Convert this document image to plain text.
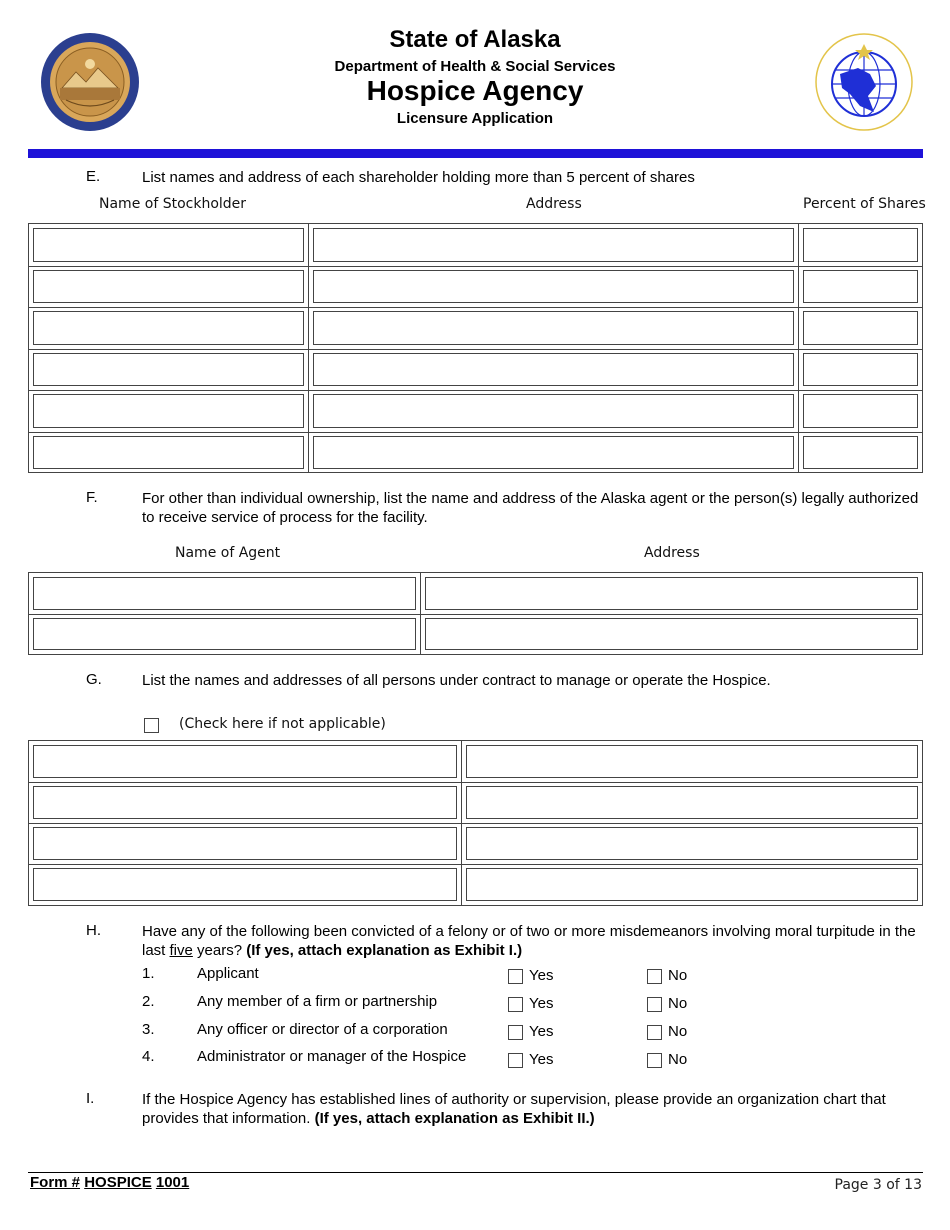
State of Alaska
Department of Health & Social Services
Hospice Agency
Licensure Application
E.	List names and address of each shareholder holding more than 5 percent of shares
Name of Stockholder	Address	Percent of Shares
F.	For other than individual ownership, list the name and address of the Alaska agent or the person(s) legally authorized to receive service of process for the facility.
Name of Agent	Address
G.	List the names and addresses of all persons under contract to manage or operate the Hospice.
(Check here if not applicable)
H.	Have any of the following been convicted of a felony or of two or more misdemeanors involving moral turpitude in the last five years? (If yes, attach explanation as Exhibit I.)
1.	Applicant	Yes	No
2.	Any member of a firm or partnership	Yes	No
3.	Any officer or director of a corporation	Yes	No
4.	Administrator or manager of the Hospice	Yes	No
I.	If the Hospice Agency has established lines of authority or supervision, please provide an organization chart that provides that information. (If yes, attach explanation as Exhibit II.)
Form # HOSPICE 1001	Page 3 of 13
